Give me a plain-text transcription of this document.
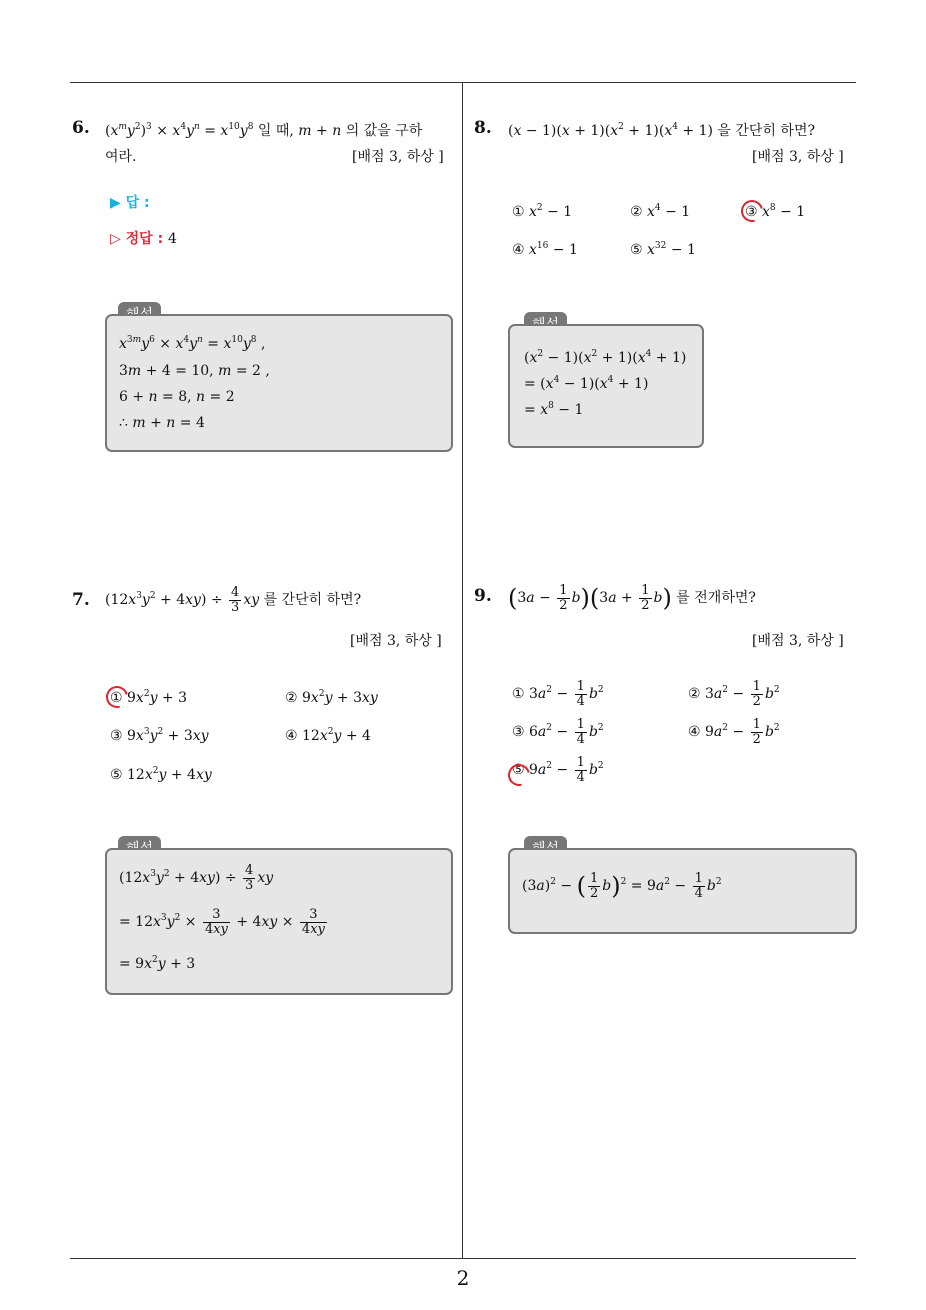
6. $(x^my^2)^3 \times x^4y^n = x^{10}y^8$ 일 때, m + n 의 값을 구하
여라.	[배점 3, 하상 ]
▶ 답 :
▷ 정답 : 4
$x^{3m}y^6 \times x^4y^n = x^{10}y^8$ ,
3m + 4 = 10, m = 2 ,
6 + n = 8, n = 2
∴ m + n = 4
8. $(x - 1)(x + 1)(x^2 + 1)(x^4 + 1)$ 을 간단히 하면?
[배점 3, 하상 ]
① $x^2 - 1$	② $x^4 - 1$	③ $x^8 - 1$
④ $x^{16} - 1$	⑤ $x^{32} - 1$
$(x^2 - 1)(x^2 + 1)(x^4 + 1)$
= $(x^4 - 1)(x^4 + 1)$
= $x^8 - 1$
7. $(12x^3y^2 + 4xy) \div \frac{4}{3}$ xy 를 간단히 하면?
[배점 3, 하상 ]
① $9x^2y + 3$	② $9x^2y + 3xy$
③ $9x^3y^2 + 3xy$	④ $12x^2y + 4$
⑤ $12x^2y + 4xy$
$(12x^3y^2 + 4xy) \div \frac{4}{3}$ xy
= $12x^3y^2 \times \frac{3}{4xy} + 4xy \times \frac{3}{4xy}$
= $9x^2y + 3$
9. $(3a - \frac{1}{2} b)(3a + \frac{1}{2} b)$ 를 전개하면?
[배점 3, 하상 ]
① $3a^2 - \frac{1}{4} b^2$	② $3a^2 - \frac{1}{2} b^2$
③ $6a^2 - \frac{1}{4} b^2$	④ $9a^2 - \frac{1}{2} b^2$
⑤ $9a^2 - \frac{1}{4} b^2$
$(3a)^2$ − ( $\frac{1}{2} b)^2 = 9a^2 - \frac{1}{4} b^2$
2
